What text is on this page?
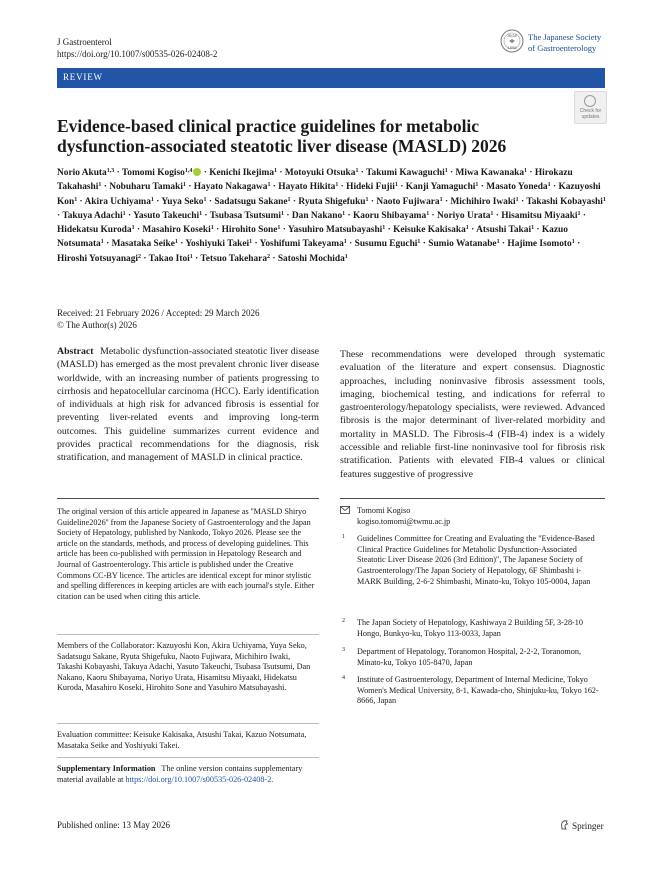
J Gastroenterol
https://doi.org/10.1007/s00535-026-02408-2
JSGE
1898
The Japanese Society
of Gastroenterology
REVIEW
Check for
updates
Evidence-based clinical practice guidelines for metabolic dysfunction-associated steatotic liver disease (MASLD) 2026
Norio Akuta$^{1,3}$ · Tomomi Kogiso$^{1,4}$ · Kenichi Ikejima$^1$ · Motoyuki Otsuka$^1$ · Takumi Kawaguchi$^1$ · Miwa Kawanaka$^1$ · Hirokazu Takahashi$^1$ · Nobuharu Tamaki$^1$ · Hayato Nakagawa$^1$ · Hayato Hikita$^1$ · Hideki Fujii$^1$ · Kanji Yamaguchi$^1$ · Masato Yoneda$^1$ · Kazuyoshi Kon$^1$ · Akira Uchiyama$^1$ · Yuya Seko$^1$ · Sadatsugu Sakane$^1$ · Ryuta Shigefuku$^1$ · Naoto Fujiwara$^1$ · Michihiro Iwaki$^1$ · Takashi Kobayashi$^1$ · Takuya Adachi$^1$ · Yasuto Takeuchi$^1$ · Tsubasa Tsutsumi$^1$ · Dan Nakano$^1$ · Kaoru Shibayama$^1$ · Noriyo Urata$^1$ · Hisamitsu Miyaaki$^1$ · Hidekatsu Kuroda$^1$ · Masahiro Koseki$^1$ · Hirohito Sone$^1$ · Yasuhiro Matsubayashi$^1$ · Keisuke Kakisaka$^1$ · Atsushi Takai$^1$ · Kazuo Notsumata$^1$ · Masataka Seike$^1$ · Yoshiyuki Takei$^1$ · Yoshifumi Takeyama$^1$ · Susumu Eguchi$^1$ · Sumio Watanabe$^1$ · Hajime Isomoto$^1$ · Hiroshi Yotsuyanagi$^2$ · Takao Itoi$^1$ · Tetsuo Takehara$^2$ · Satoshi Mochida$^1$
Received: 21 February 2026 / Accepted: 29 March 2026
© The Author(s) 2026
Abstract Metabolic dysfunction-associated steatotic liver disease (MASLD) has emerged as the most prevalent chronic liver disease worldwide, with an increasing number of patients progressing to cirrhosis and hepatocellular carcinoma (HCC). Early identification of individuals at high risk for advanced fibrosis is essential for preventing liver-related events and improving long-term outcomes. This guideline summarizes current evidence and provides practical recommendations for the diagnosis, risk stratification, and management of MASLD in clinical practice.
These recommendations were developed through systematic evaluation of the literature and expert consensus. Diagnostic approaches, including noninvasive fibrosis assessment tools, imaging, biochemical testing, and indications for referral to gastroenterology/hepatology specialists, were reviewed. Advanced fibrosis is the major determinant of liver-related morbidity and mortality in MASLD. The Fibrosis-4 (FIB-4) index is a widely accessible and reliable first-line noninvasive tool for fibrosis risk stratification. Patients with elevated FIB-4 values or clinical features suggestive of progressive
The original version of this article appeared in Japanese as ''MASLD Shiryo Guideline2026'' from the Japanese Society of Gastroenterology and the Japan Society of Hepatology, published by Nankodo, Tokyo 2026. Please see the article on the standards, methods, and process of developing guidelines. This article has been co-published with permission in Hepatology Research and Journal of Gastroenterology. This article is published under the Creative Commons CC-BY licence. The articles are identical except for minor stylistic and spelling differences in keeping articles are with each journal's style. Either citation can be used when citing this article.
Members of the Collaborator: Kazuyoshi Kon, Akira Uchiyama, Yuya Seko, Sadatsugu Sakane, Ryuta Shigefuku, Naoto Fujiwara, Michihiro Iwaki, Takashi Kobayashi, Takuya Adachi, Yasuto Takeuchi, Tsubasa Tsutsumi, Dan Nakano, Kaoru Shibayama, Noriyo Urata, Hisamitsu Miyaaki, Hidekatsu Kuroda, Masahiro Koseki, Hirohito Sone and Yasuhiro Matsubayashi.
Evaluation committee: Keisuke Kakisaka, Atsushi Takai, Kazuo Notsumata, Masataka Seike and Yoshiyuki Takei.
Supplementary Information The online version contains supplementary material available at https://doi.org/10.1007/s00535-026-02408-2.
Tomomi Kogiso
kogiso.tomomi@twmu.ac.jp
1 Guidelines Committee for Creating and Evaluating the "Evidence-Based Clinical Practice Guidelines for Metabolic Dysfunction-Associated Steatotic Liver Disease 2026 (3rd Edition)", The Japanese Society of Gastroenterology/The Japan Society of Hepatology, 6F Shimbashi i-MARK Building, 2-6-2 Shimbashi, Minato-ku, Tokyo 105-0004, Japan
2 The Japan Society of Hepatology, Kashiwaya 2 Building 5F, 3-28-10 Hongo, Bunkyo-ku, Tokyo 113-0033, Japan
3 Department of Hepatology, Toranomon Hospital, 2-2-2, Toranomon, Minato-ku, Tokyo 105-8470, Japan
4 Institute of Gastroenterology, Department of Internal Medicine, Tokyo Women's Medical University, 8-1, Kawada-cho, Shinjuku-ku, Tokyo 162-8666, Japan
Published online: 13 May 2026	Springer
